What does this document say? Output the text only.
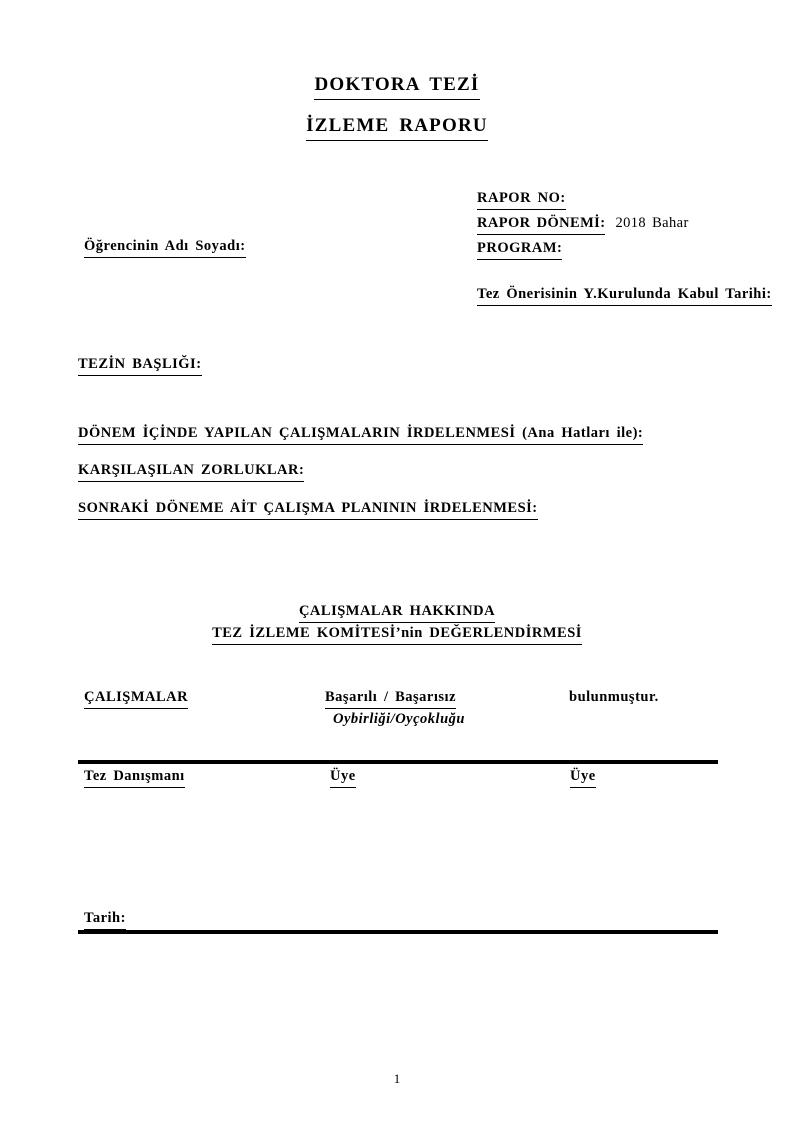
DOKTORA TEZİ
İZLEME RAPORU
RAPOR NO:
RAPOR DÖNEMİ: 2018 Bahar
PROGRAM:
Öğrencinin Adı Soyadı:
Tez Önerisinin Y.Kurulunda Kabul Tarihi:
TEZİN BAŞLIĞI:
DÖNEM İÇİNDE YAPILAN ÇALIŞMALARIN İRDELENMESİ (Ana Hatları ile):
KARŞILAŞILAN ZORLUKLAR:
SONRAKİ DÖNEME AİT ÇALIŞMA PLANININ İRDELENMESİ:
ÇALIŞMALAR HAKKINDA
TEZ İZLEME KOMİTESİ’nin DEĞERLENDİRMESİ
ÇALIŞMALAR	Başarılı / Başarısız	bulunmuştur.
Oybirliği/Oyçokluğu
Tez Danışmanı	Üye	Üye
Tarih:
1
